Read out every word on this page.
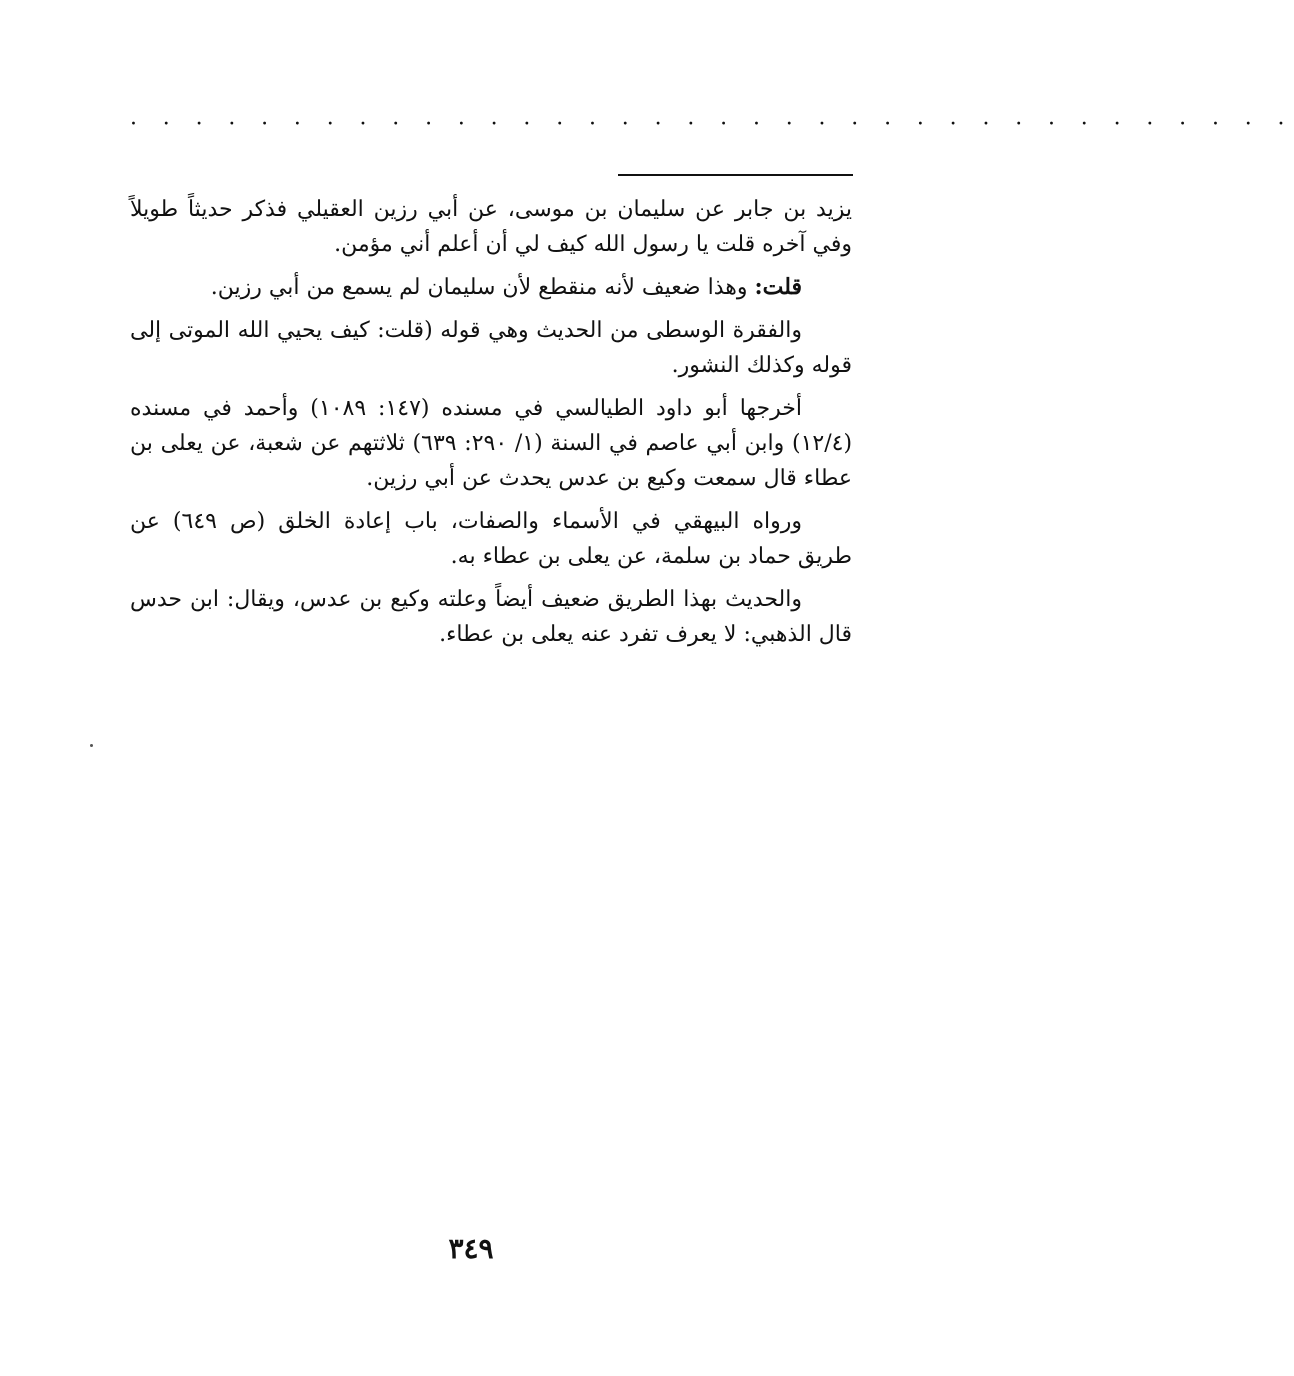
· · · · · · · · · · · · · · · · · · · · · · · · · · · · · · · · · · · ·

يزيد بن جابر عن سليمان بن موسى، عن أبي رزين العقيلي فذكر حديثاً طويلاً وفي آخره قلت يا رسول الله كيف لي أن أعلم أني مؤمن.

قلت: وهذا ضعيف لأنه منقطع لأن سليمان لم يسمع من أبي رزين.

والفقرة الوسطى من الحديث وهي قوله (قلت: كيف يحيي الله الموتى إلى قوله وكذلك النشور.

أخرجها أبو داود الطيالسي في مسنده (١٤٧: ١٠٨٩) وأحمد في مسنده (١٢/٤) وابن أبي عاصم في السنة (١/ ٢٩٠: ٦٣٩) ثلاثتهم عن شعبة، عن يعلى بن عطاء قال سمعت وكيع بن عدس يحدث عن أبي رزين.

ورواه البيهقي في الأسماء والصفات، باب إعادة الخلق (ص ٦٤٩) عن طريق حماد بن سلمة، عن يعلى بن عطاء به.

والحديث بهذا الطريق ضعيف أيضاً وعلته وكيع بن عدس، ويقال: ابن حدس قال الذهبي: لا يعرف تفرد عنه يعلى بن عطاء.

٣٤٩
